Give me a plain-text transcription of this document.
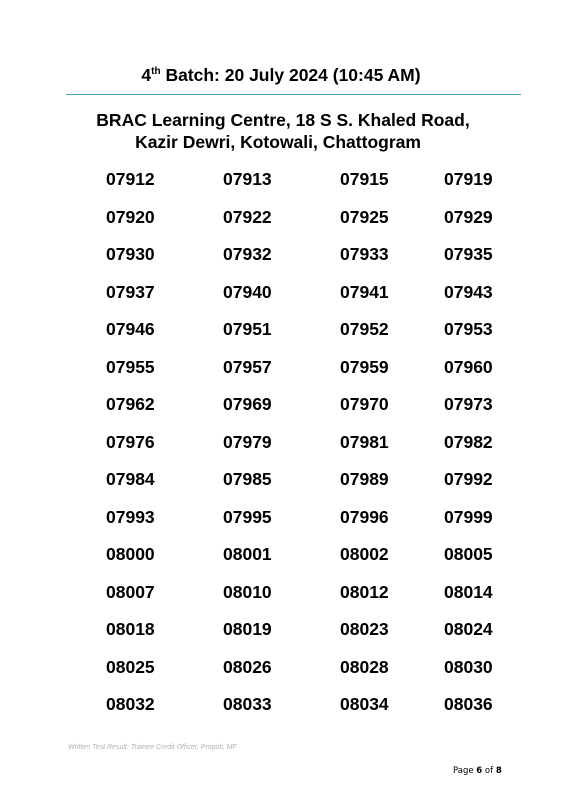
4th Batch: 20 July 2024 (10:45 AM)
BRAC Learning Centre, 18 S S. Khaled Road,
Kazir Dewri, Kotowali, Chattogram
07912	07913	07915	07919
07920	07922	07925	07929
07930	07932	07933	07935
07937	07940	07941	07943
07946	07951	07952	07953
07955	07957	07959	07960
07962	07969	07970	07973
07976	07979	07981	07982
07984	07985	07989	07992
07993	07995	07996	07999
08000	08001	08002	08005
08007	08010	08012	08014
08018	08019	08023	08024
08025	08026	08028	08030
08032	08033	08034	08036
Written Test Result: Trainee Credit Officer, Progoti, MF
Page 6 of 8
